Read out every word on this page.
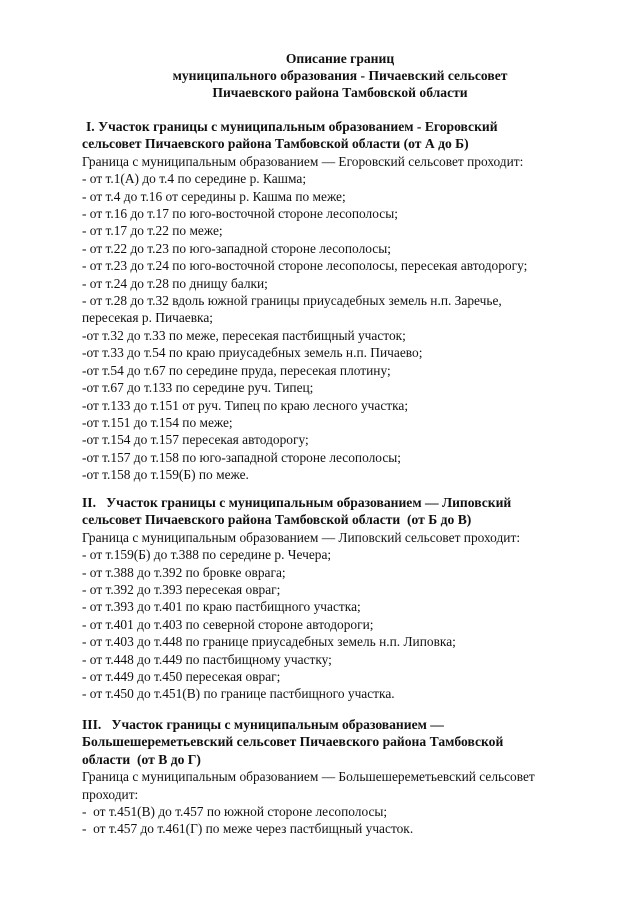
Описание границ
муниципального образования - Пичаевский сельсовет
Пичаевского района Тамбовской области
I. Участок границы с муниципальным образованием - Егоровский
сельсовет Пичаевского района Тамбовской области (от А до Б)
Граница с муниципальным образованием — Егоровский сельсовет проходит:
- от т.1(А) до т.4 по середине р. Кашма;
- от т.4 до т.16 от середины р. Кашма по меже;
- от т.16 до т.17 по юго-восточной стороне лесополосы;
- от т.17 до т.22 по меже;
- от т.22 до т.23 по юго-западной стороне лесополосы;
- от т.23 до т.24 по юго-восточной стороне лесополосы, пересекая автодорогу;
- от т.24 до т.28 по днищу балки;
- от т.28 до т.32 вдоль южной границы приусадебных земель н.п. Заречье,
пересекая р. Пичаевка;
-от т.32 до т.33 по меже, пересекая пастбищный участок;
-от т.33 до т.54 по краю приусадебных земель н.п. Пичаево;
-от т.54 до т.67 по середине пруда, пересекая плотину;
-от т.67 до т.133 по середине руч. Типец;
-от т.133 до т.151 от руч. Типец по краю лесного участка;
-от т.151 до т.154 по меже;
-от т.154 до т.157 пересекая автодорогу;
-от т.157 до т.158 по юго-западной стороне лесополосы;
-от т.158 до т.159(Б) по меже.
II.   Участок границы с муниципальным образованием — Липовский
сельсовет Пичаевского района Тамбовской области  (от Б до В)
Граница с муниципальным образованием — Липовский сельсовет проходит:
- от т.159(Б) до т.388 по середине р. Чечера;
- от т.388 до т.392 по бровке оврага;
- от т.392 до т.393 пересекая овраг;
- от т.393 до т.401 по краю пастбищного участка;
- от т.401 до т.403 по северной стороне автодороги;
- от т.403 до т.448 по границе приусадебных земель н.п. Липовка;
- от т.448 до т.449 по пастбищному участку;
- от т.449 до т.450 пересекая овраг;
- от т.450 до т.451(В) по границе пастбищного участка.
III.   Участок границы с муниципальным образованием —
Большешереметьевский сельсовет Пичаевского района Тамбовской
области  (от В до Г)
Граница с муниципальным образованием — Большешереметьевский сельсовет
проходит:
-  от т.451(В) до т.457 по южной стороне лесополосы;
-  от т.457 до т.461(Г) по меже через пастбищный участок.
